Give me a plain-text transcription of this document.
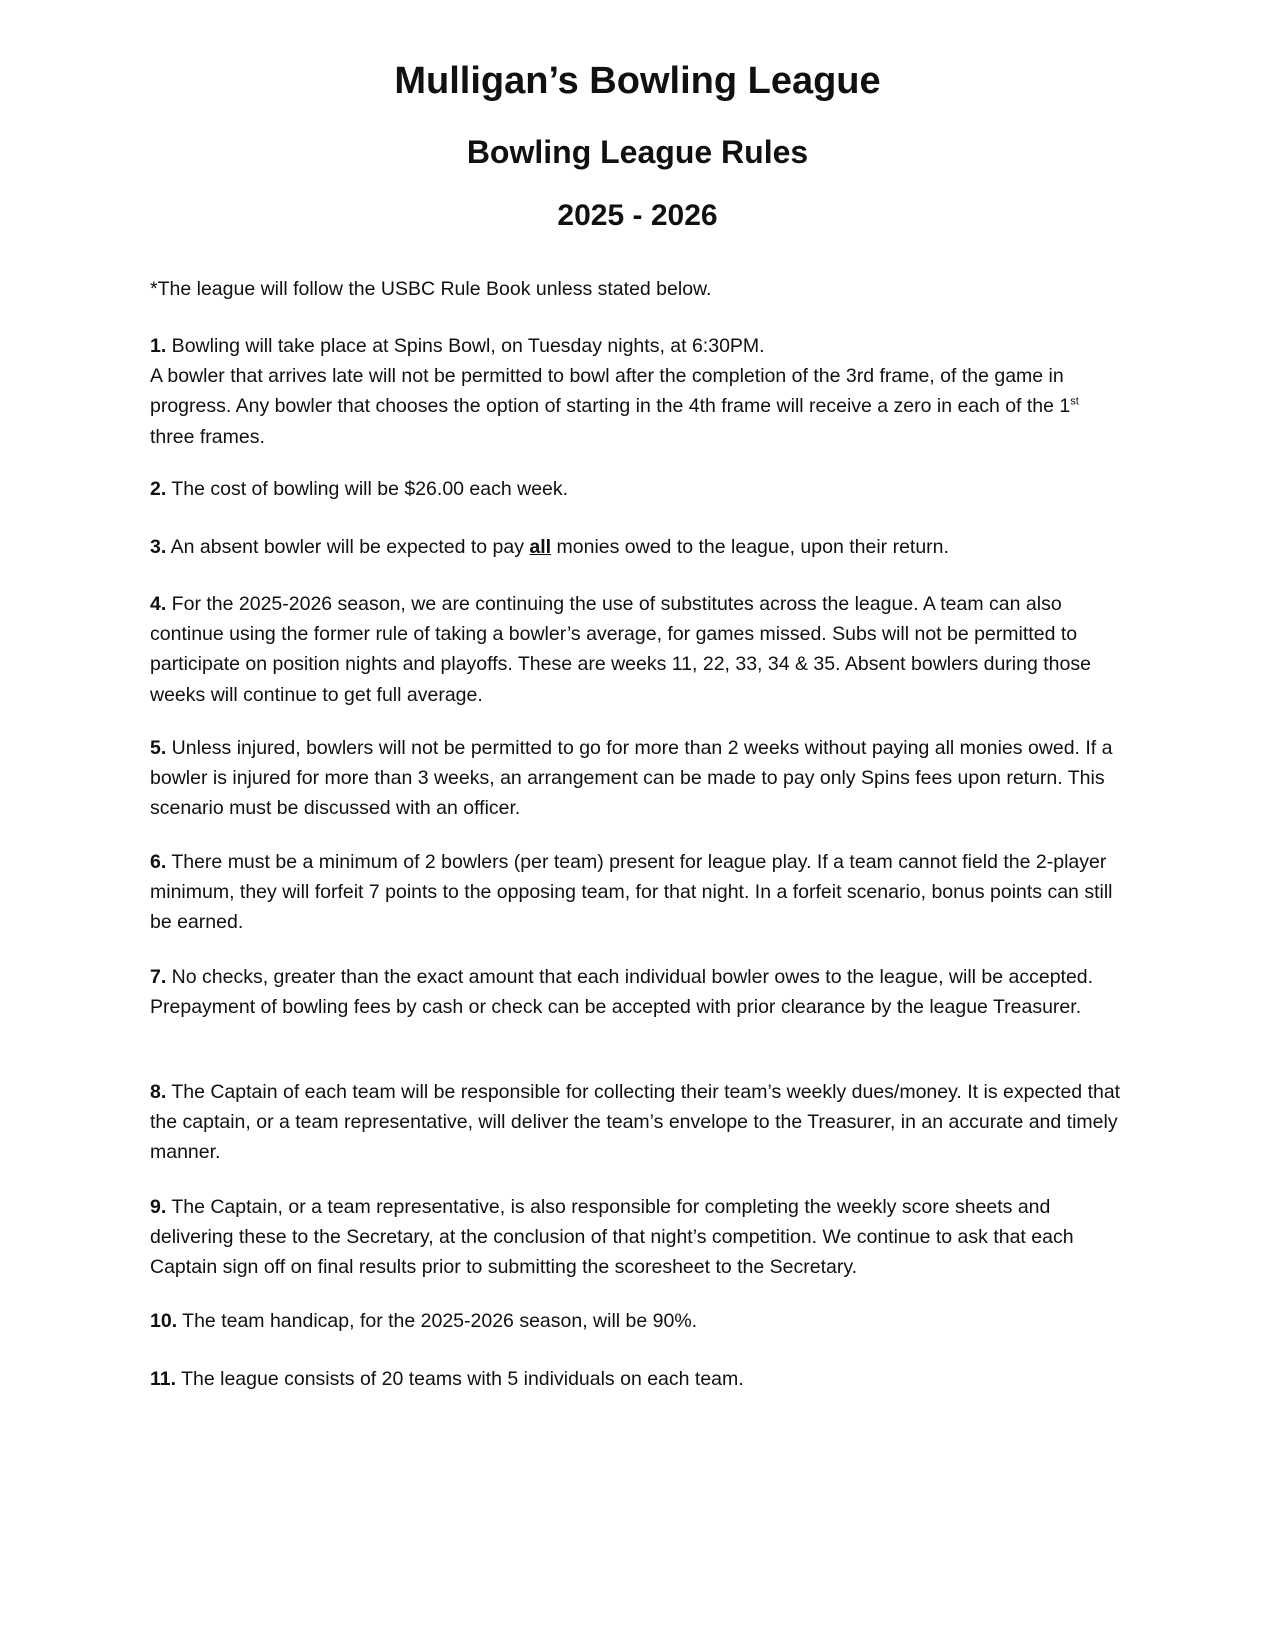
Mulligan’s Bowling League
Bowling League Rules
2025 - 2026

*The league will follow the USBC Rule Book unless stated below.

1. Bowling will take place at Spins Bowl, on Tuesday nights, at 6:30PM.

A bowler that arrives late will not be permitted to bowl after the completion of the 3rd frame, of the game in progress. Any bowler that chooses the option of starting in the 4th frame will receive a zero in each of the 1st three frames.

2. The cost of bowling will be $26.00 each week.

3. An absent bowler will be expected to pay all monies owed to the league, upon their return.

4. For the 2025-2026 season, we are continuing the use of substitutes across the league. A team can also continue using the former rule of taking a bowler’s average, for games missed. Subs will not be permitted to participate on position nights and playoffs. These are weeks 11, 22, 33, 34 & 35. Absent bowlers during those weeks will continue to get full average.

5. Unless injured, bowlers will not be permitted to go for more than 2 weeks without paying all monies owed. If a bowler is injured for more than 3 weeks, an arrangement can be made to pay only Spins fees upon return. This scenario must be discussed with an officer.

6. There must be a minimum of 2 bowlers (per team) present for league play. If a team cannot field the 2-player minimum, they will forfeit 7 points to the opposing team, for that night. In a forfeit scenario, bonus points can still be earned.

7. No checks, greater than the exact amount that each individual bowler owes to the league, will be accepted. Prepayment of bowling fees by cash or check can be accepted with prior clearance by the league Treasurer.

8. The Captain of each team will be responsible for collecting their team’s weekly dues/money. It is expected that the captain, or a team representative, will deliver the team’s envelope to the Treasurer, in an accurate and timely manner.

9. The Captain, or a team representative, is also responsible for completing the weekly score sheets and delivering these to the Secretary, at the conclusion of that night’s competition. We continue to ask that each Captain sign off on final results prior to submitting the scoresheet to the Secretary.

10. The team handicap, for the 2025-2026 season, will be 90%.

11. The league consists of 20 teams with 5 individuals on each team.
